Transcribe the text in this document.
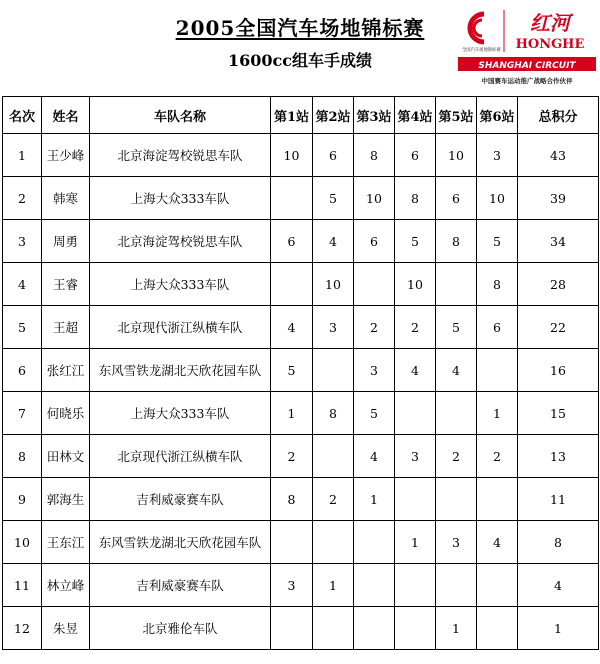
2005全国汽车场地锦标赛
1600cc组车手成绩
全国汽车场地锦标赛
红河
HONGHE
SHANGHAI CIRCUIT
中国赛车运动推广战略合作伙伴
名次	姓名	车队名称	第1站	第2站	第3站	第4站	第5站	第6站	总积分
1	王少峰	北京海淀驾校锐思车队	10	6	8	6	10	3	43
2	韩寒	上海大众333车队		5	10	8	6	10	39
3	周勇	北京海淀驾校锐思车队	6	4	6	5	8	5	34
4	王睿	上海大众333车队		10		10		8	28
5	王超	北京现代浙江纵横车队	4	3	2	2	5	6	22
6	张红江	东风雪铁龙湖北天欣花园车队	5		3	4	4		16
7	何晓乐	上海大众333车队	1	8	5			1	15
8	田林文	北京现代浙江纵横车队	2		4	3	2	2	13
9	郭海生	吉利威豪赛车队	8	2	1				11
10	王东江	东风雪铁龙湖北天欣花园车队				1	3	4	8
11	林立峰	吉利威豪赛车队	3	1					4
12	朱昱	北京雅伦车队					1		1
